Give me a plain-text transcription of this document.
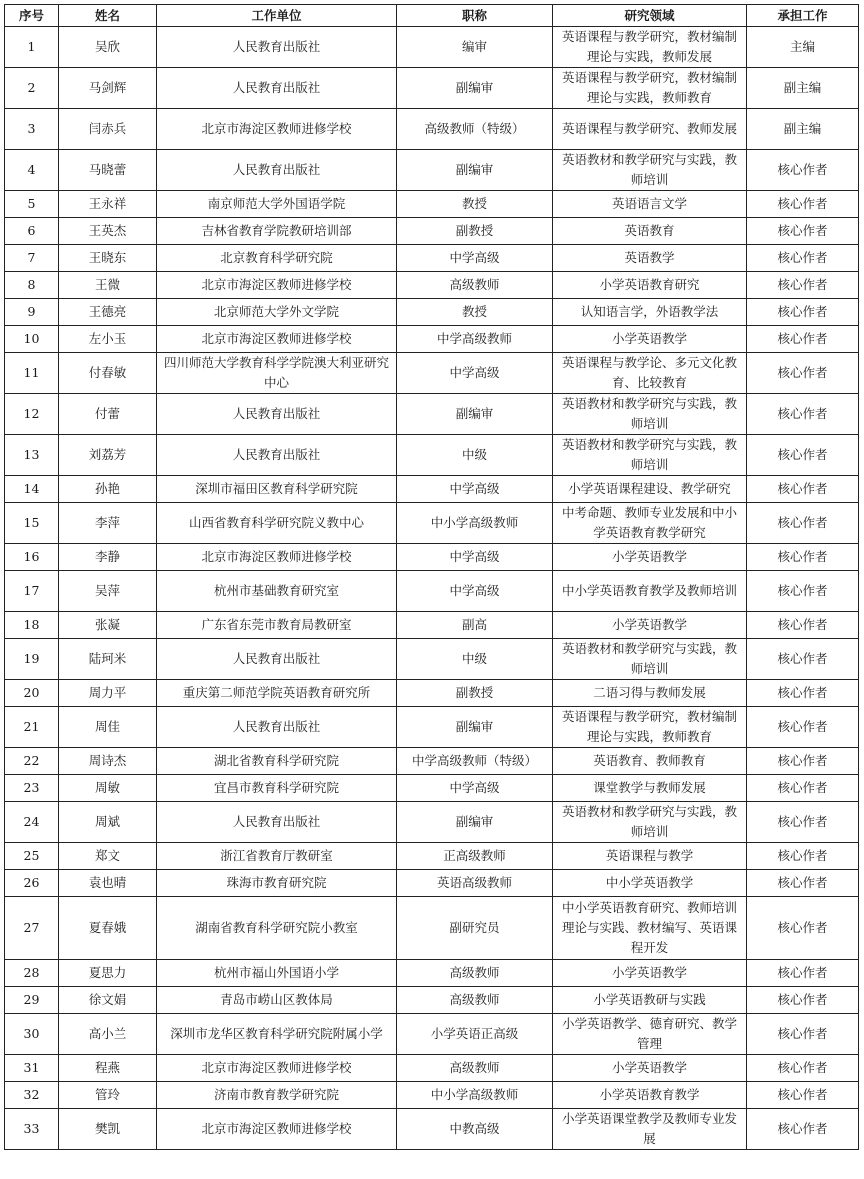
序号	姓名	工作单位	职称	研究领域	承担工作
1	吴欣	人民教育出版社	编审	英语课程与教学研究，教材编制理论与实践，教师发展	主编
2	马剑辉	人民教育出版社	副编审	英语课程与教学研究，教材编制理论与实践，教师教育	副主编
3	闫赤兵	北京市海淀区教师进修学校	高级教师（特级）	英语课程与教学研究、教师发展	副主编
4	马晓蕾	人民教育出版社	副编审	英语教材和教学研究与实践，教师培训	核心作者
5	王永祥	南京师范大学外国语学院	教授	英语语言文学	核心作者
6	王英杰	吉林省教育学院教研培训部	副教授	英语教育	核心作者
7	王晓东	北京教育科学研究院	中学高级	英语教学	核心作者
8	王微	北京市海淀区教师进修学校	高级教师	小学英语教育研究	核心作者
9	王德亮	北京师范大学外文学院	教授	认知语言学，外语教学法	核心作者
10	左小玉	北京市海淀区教师进修学校	中学高级教师	小学英语教学	核心作者
11	付春敏	四川师范大学教育科学学院澳大利亚研究中心	中学高级	英语课程与教学论、多元文化教育、比较教育	核心作者
12	付蕾	人民教育出版社	副编审	英语教材和教学研究与实践，教师培训	核心作者
13	刘荔芳	人民教育出版社	中级	英语教材和教学研究与实践，教师培训	核心作者
14	孙艳	深圳市福田区教育科学研究院	中学高级	小学英语课程建设、教学研究	核心作者
15	李萍	山西省教育科学研究院义教中心	中小学高级教师	中考命题、教师专业发展和中小学英语教育教学研究	核心作者
16	李静	北京市海淀区教师进修学校	中学高级	小学英语教学	核心作者
17	吴萍	杭州市基础教育研究室	中学高级	中小学英语教育教学及教师培训	核心作者
18	张凝	广东省东莞市教育局教研室	副高	小学英语教学	核心作者
19	陆珂米	人民教育出版社	中级	英语教材和教学研究与实践，教师培训	核心作者
20	周力平	重庆第二师范学院英语教育研究所	副教授	二语习得与教师发展	核心作者
21	周佳	人民教育出版社	副编审	英语课程与教学研究，教材编制理论与实践，教师教育	核心作者
22	周诗杰	湖北省教育科学研究院	中学高级教师（特级）	英语教育、教师教育	核心作者
23	周敏	宜昌市教育科学研究院	中学高级	课堂教学与教师发展	核心作者
24	周斌	人民教育出版社	副编审	英语教材和教学研究与实践，教师培训	核心作者
25	郑文	浙江省教育厅教研室	正高级教师	英语课程与教学	核心作者
26	袁也晴	珠海市教育研究院	英语高级教师	中小学英语教学	核心作者
27	夏春娥	湖南省教育科学研究院小教室	副研究员	中小学英语教育研究、教师培训理论与实践、教材编写、英语课程开发	核心作者
28	夏思力	杭州市福山外国语小学	高级教师	小学英语教学	核心作者
29	徐文娟	青岛市崂山区教体局	高级教师	小学英语教研与实践	核心作者
30	高小兰	深圳市龙华区教育科学研究院附属小学	小学英语正高级	小学英语教学、德育研究、教学管理	核心作者
31	程燕	北京市海淀区教师进修学校	高级教师	小学英语教学	核心作者
32	管玲	济南市教育教学研究院	中小学高级教师	小学英语教育教学	核心作者
33	樊凯	北京市海淀区教师进修学校	中教高级	小学英语课堂教学及教师专业发展	核心作者
